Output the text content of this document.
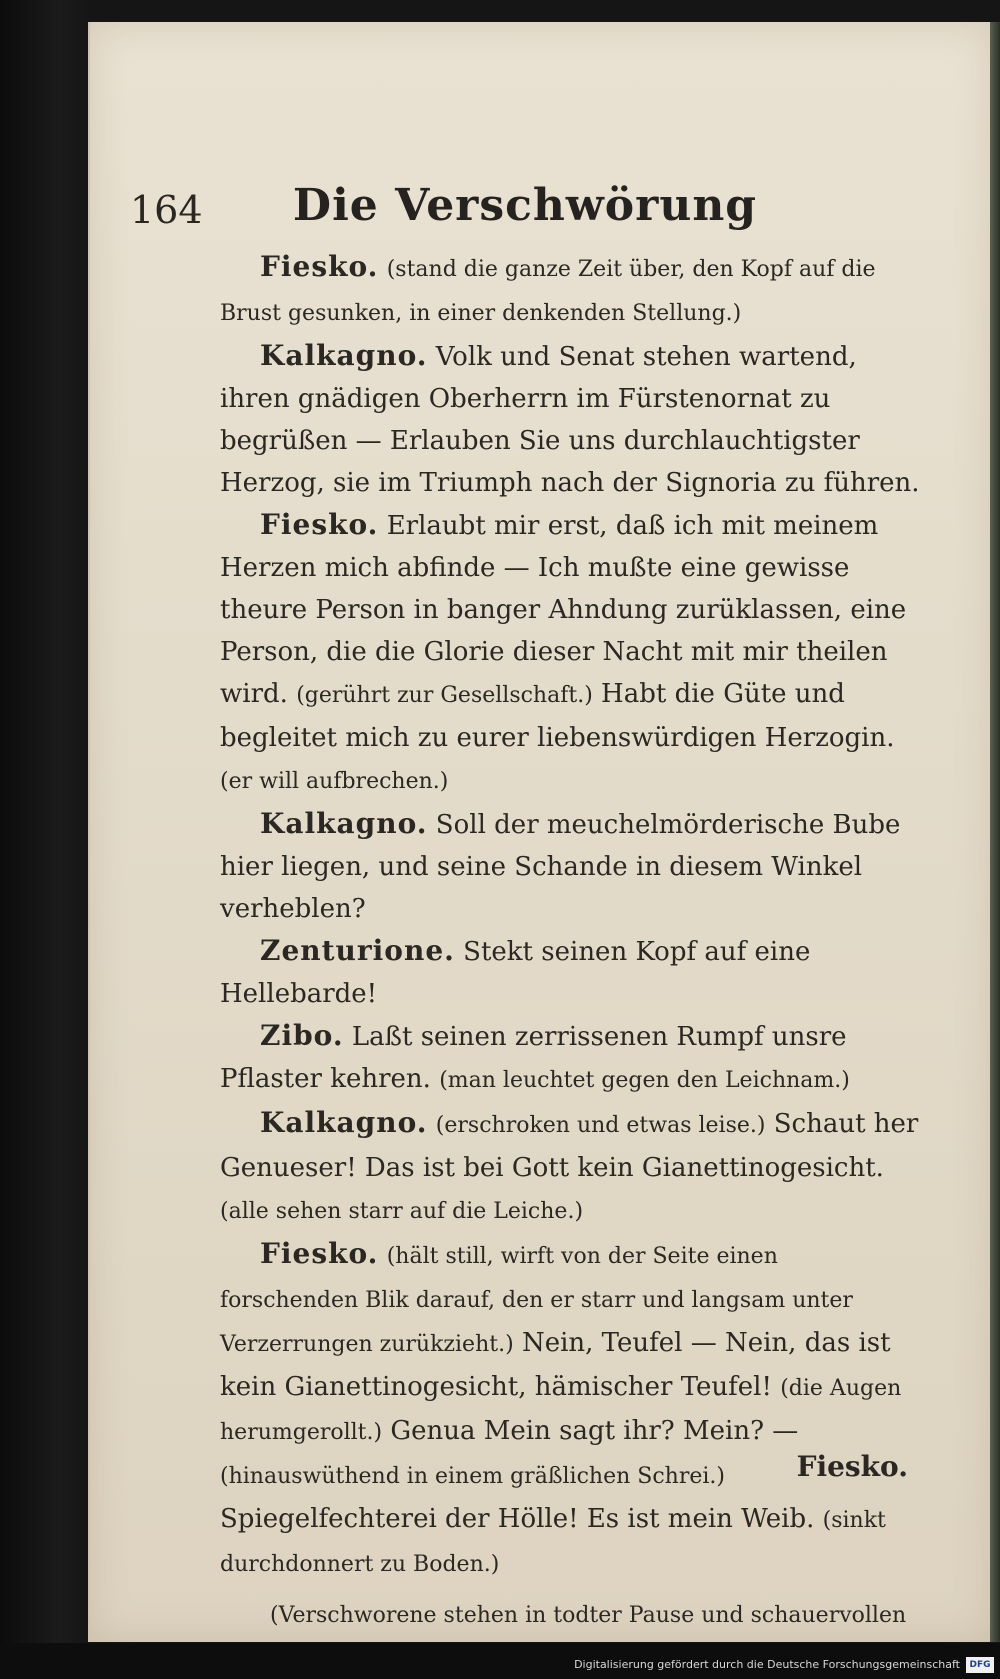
164	Die Verschwörung

Fiesko. (stand die ganze Zeit über, den Kopf auf die Brust gesunken, in einer denkenden Stellung.)

Kalkagno. Volk und Senat stehen wartend, ihren gnädigen Oberherrn im Fürstenornat zu begrüßen — Erlauben Sie uns durchlauchtigster Herzog, sie im Triumph nach der Signoria zu führen.

Fiesko. Erlaubt mir erst, daß ich mit meinem Herzen mich abfinde — Ich mußte eine gewisse theure Person in banger Ahndung zurüklassen, eine Person, die die Glorie dieser Nacht mit mir theilen wird. (gerührt zur Gesellschaft.) Habt die Güte und begleitet mich zu eurer liebenswürdigen Herzogin. (er will aufbrechen.)

Kalkagno. Soll der meuchelmörderische Bube hier liegen, und seine Schande in diesem Winkel verheblen?

Zenturione. Stekt seinen Kopf auf eine Hellebarde!

Zibo. Laßt seinen zerrissenen Rumpf unsre Pflaster kehren. (man leuchtet gegen den Leichnam.)

Kalkagno. (erschroken und etwas leise.) Schaut her Genueser! Das ist bei Gott kein Gianettinogesicht. (alle sehen starr auf die Leiche.)

Fiesko. (hält still, wirft von der Seite einen forschenden Blik darauf, den er starr und langsam unter Verzerrungen zurükzieht.) Nein, Teufel — Nein, das ist kein Gianettinogesicht, hämischer Teufel! (die Augen herumgerollt.) Genua Mein sagt ihr? Mein? — (hinauswüthend in einem gräßlichen Schrei.) Spiegelfechterei der Hölle! Es ist mein Weib. (sinkt durchdonnert zu Boden.)

(Verschworene stehen in todter Pause und schauervollen

Fiesko.
Digitalisierung gefördert durch die Deutsche Forschungsgemeinschaft	DFG
